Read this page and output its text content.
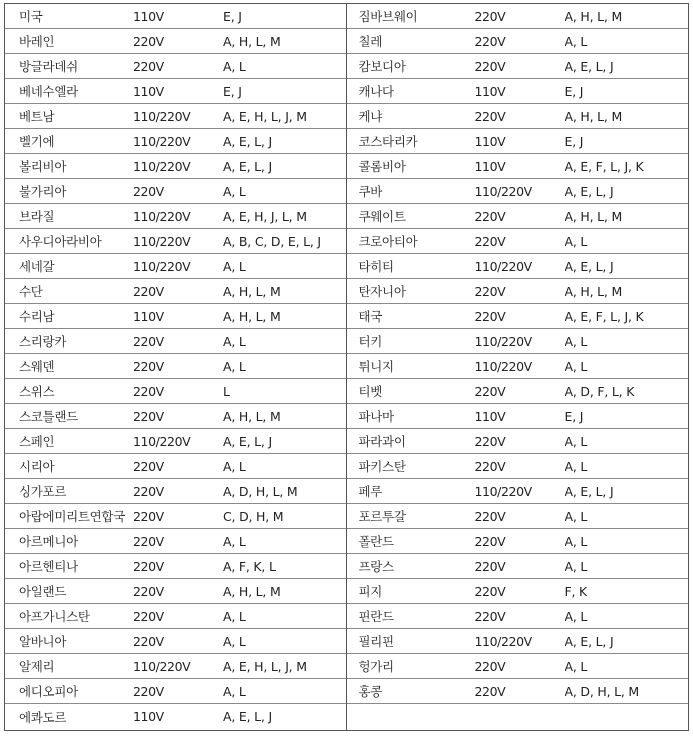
미국	110V	E, J
바레인	220V	A, H, L, M
방글라데쉬	220V	A, L
베네수엘라	110V	E, J
베트남	110/220V	A, E, H, L, J, M
벨기에	110/220V	A, E, L, J
볼리비아	110/220V	A, E, L, J
불가리아	220V	A, L
브라질	110/220V	A, E, H, J, L, M
사우디아라비아	110/220V	A, B, C, D, E, L, J
세네갈	110/220V	A, L
수단	220V	A, H, L, M
수리남	110V	A, H, L, M
스리랑카	220V	A, L
스웨덴	220V	A, L
스위스	220V	L
스코틀랜드	220V	A, H, L, M
스페인	110/220V	A, E, L, J
시리아	220V	A, L
싱가포르	220V	A, D, H, L, M
아랍에미리트연합국 220V	C, D, H, M
아르메니아	220V	A, L
아르헨티나	220V	A, F, K, L
아일랜드	220V	A, H, L, M
아프가니스탄	220V	A, L
알바니아	220V	A, L
알제리	110/220V	A, E, H, L, J, M
에디오피아	220V	A, L
에콰도르	110V	A, E, L, J
짐바브웨이	220V	A, H, L, M
칠레	220V	A, L
캄보디아	220V	A, E, L, J
캐나다	110V	E, J
케냐	220V	A, H, L, M
코스타리카	110V	E, J
콜롬비아	110V	A, E, F, L, J, K
쿠바	110/220V	A, E, L, J
쿠웨이트	220V	A, H, L, M
크로아티아	220V	A, L
타히티	110/220V	A, E, L, J
탄자니아	220V	A, H, L, M
태국	220V	A, E, F, L, J, K
터키	110/220V	A, L
튀니지	110/220V	A, L
티벳	220V	A, D, F, L, K
파나마	110V	E, J
파라과이	220V	A, L
파키스탄	220V	A, L
페루	110/220V	A, E, L, J
포르투갈	220V	A, L
폴란드	220V	A, L
프랑스	220V	A, L
피지	220V	F, K
핀란드	220V	A, L
필리핀	110/220V	A, E, L, J
헝가리	220V	A, L
홍콩	220V	A, D, H, L, M
